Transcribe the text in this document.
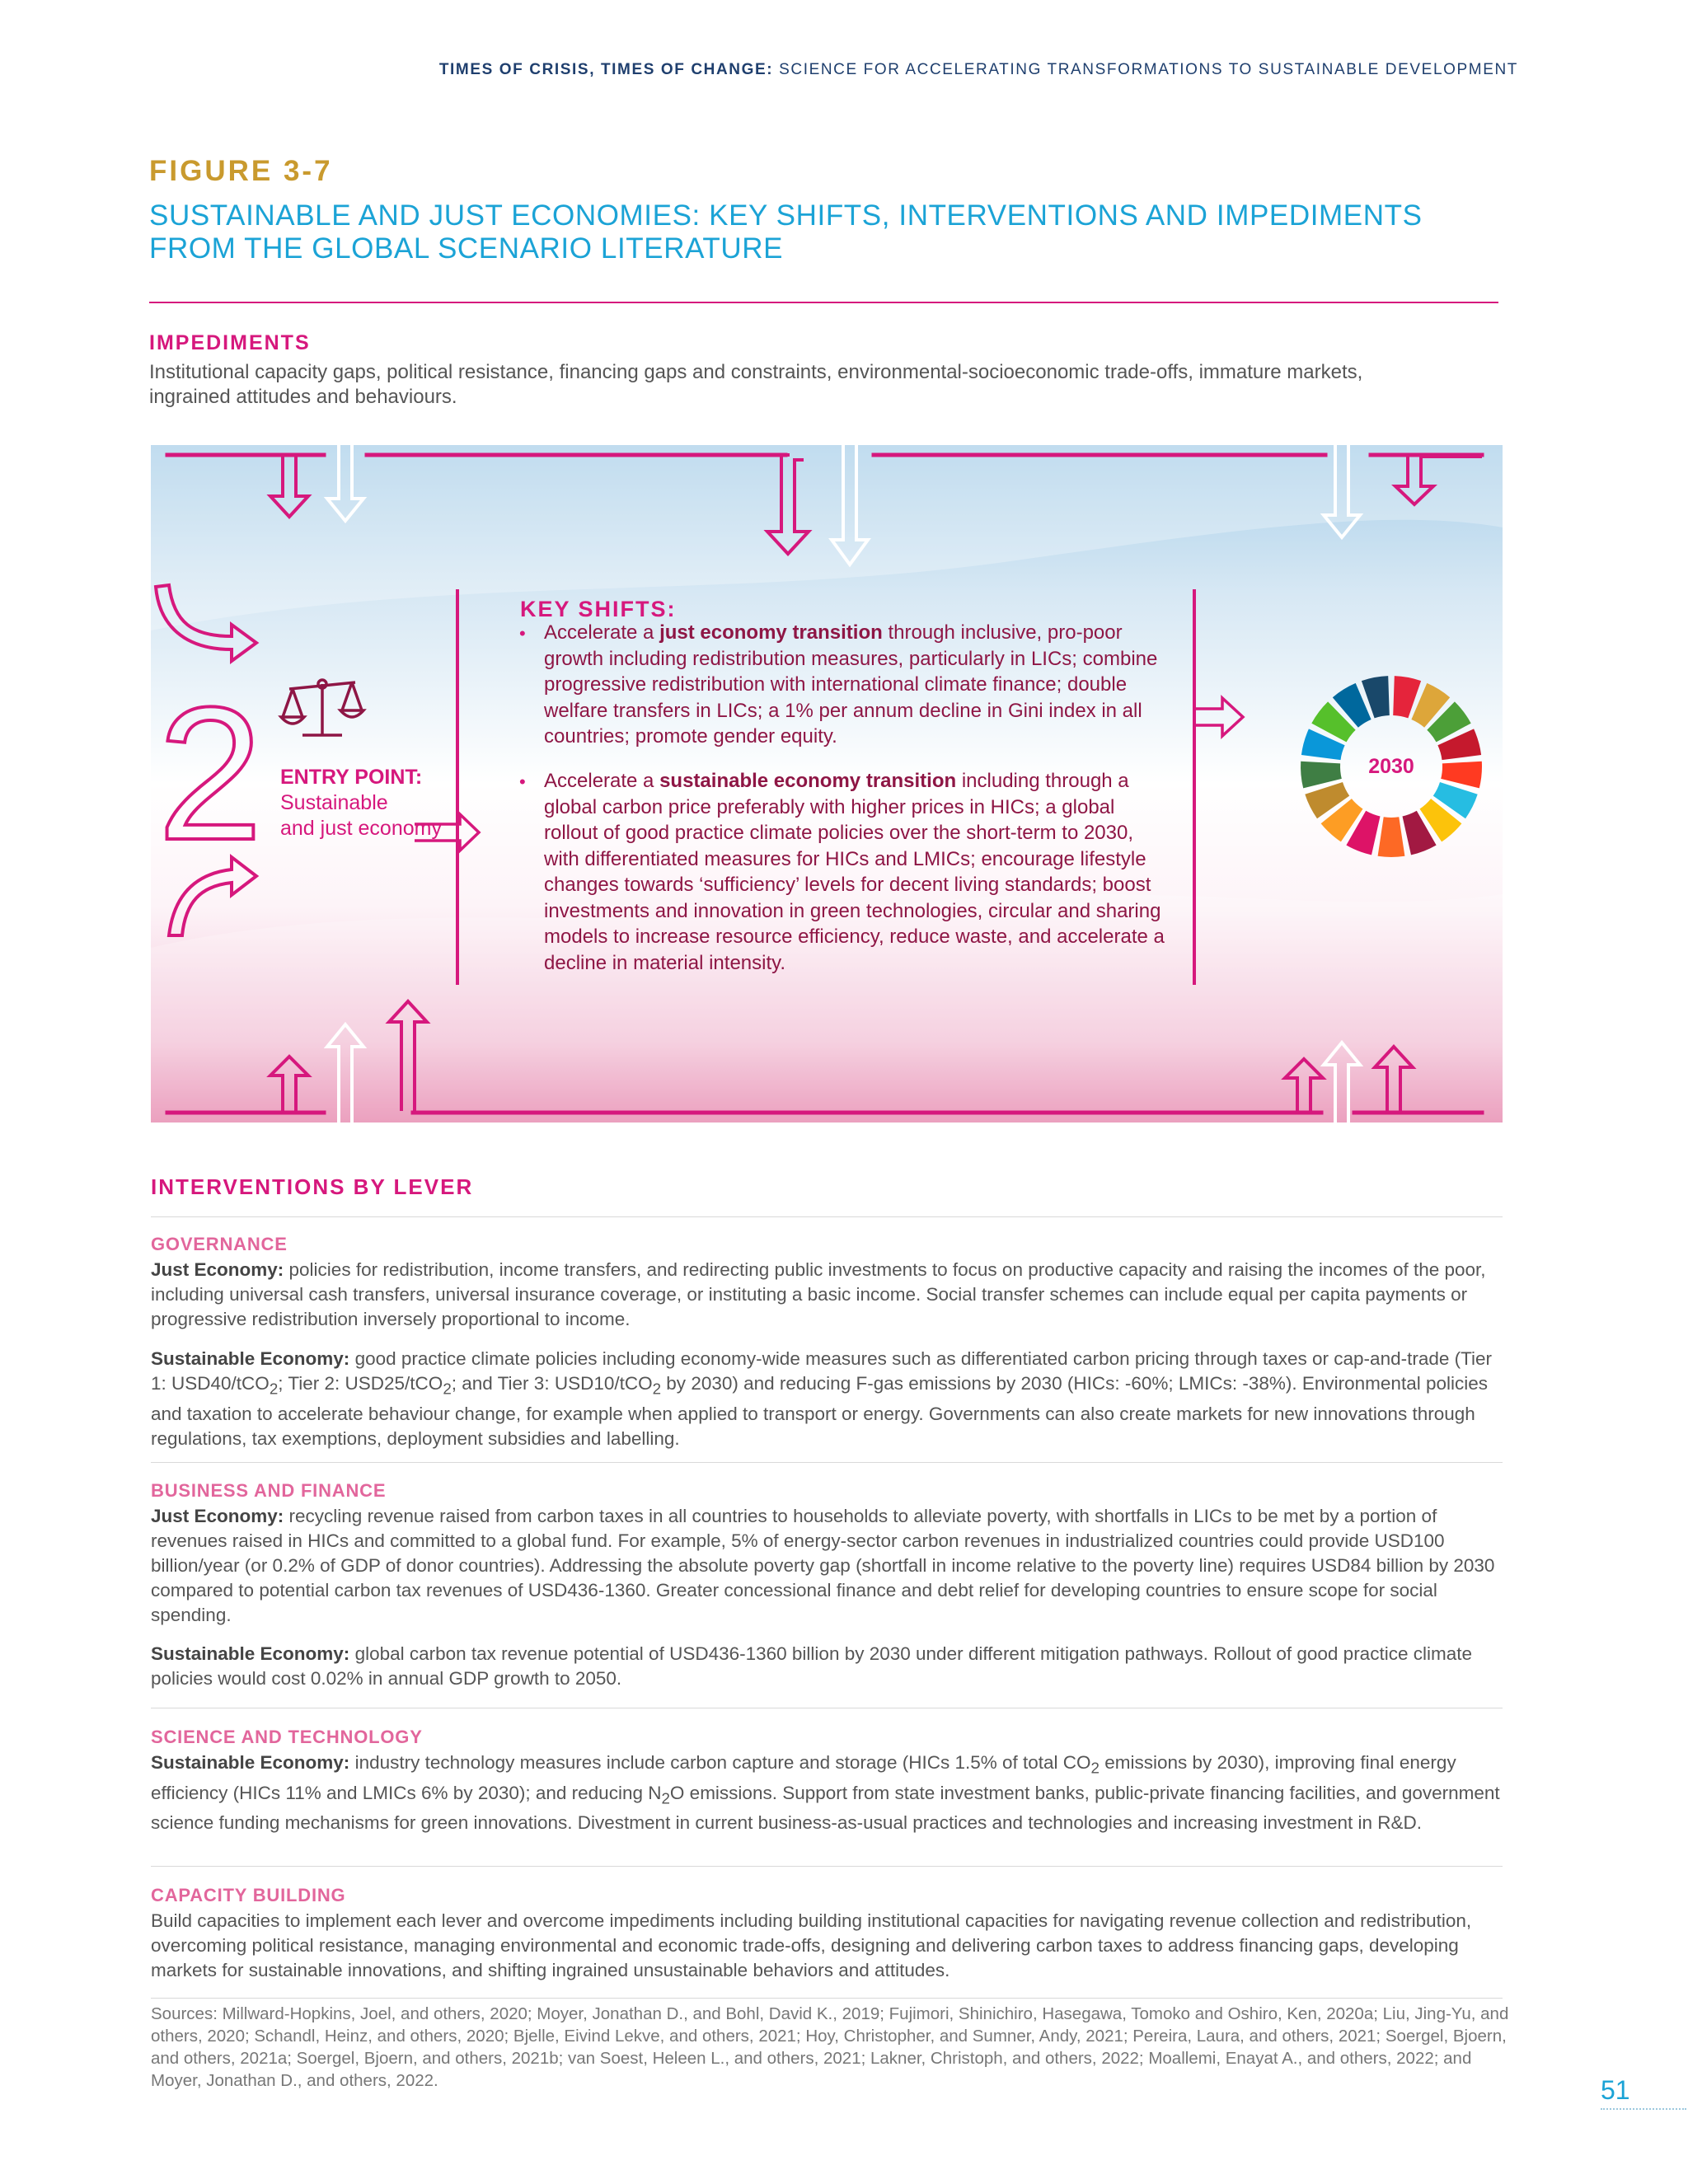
TIMES OF CRISIS, TIMES OF CHANGE: SCIENCE FOR ACCELERATING TRANSFORMATIONS TO SUSTAINABLE DEVELOPMENT
FIGURE 3-7
SUSTAINABLE AND JUST ECONOMIES: KEY SHIFTS, INTERVENTIONS AND IMPEDIMENTS
FROM THE GLOBAL SCENARIO LITERATURE
IMPEDIMENTS
Institutional capacity gaps, political resistance, financing gaps and constraints, environmental-socioeconomic trade-offs, immature markets,
ingrained attitudes and behaviours.
2	2030
ENTRY POINT:
Sustainable
and just economy
KEY SHIFTS:
• Accelerate a just economy transition through inclusive, pro-poor growth including redistribution measures, particularly in LICs; combine progressive redistribution with international climate finance; double welfare transfers in LICs; a 1% per annum decline in Gini index in all countries; promote gender equity.
• Accelerate a sustainable economy transition including through a global carbon price preferably with higher prices in HICs; a global rollout of good practice climate policies over the short-term to 2030, with differentiated measures for HICs and LMICs; encourage lifestyle changes towards ‘sufficiency’ levels for decent living standards; boost investments and innovation in green technologies, circular and sharing models to increase resource efficiency, reduce waste, and accelerate a decline in material intensity.
INTERVENTIONS BY LEVER
GOVERNANCE
Just Economy: policies for redistribution, income transfers, and redirecting public investments to focus on productive capacity and raising the incomes of the poor, including universal cash transfers, universal insurance coverage, or instituting a basic income. Social transfer schemes can include equal per capita payments or progressive redistribution inversely proportional to income.
Sustainable Economy: good practice climate policies including economy-wide measures such as differentiated carbon pricing through taxes or cap-and-trade (Tier 1: USD40/tCO$_2$; Tier 2: USD25/tCO$_2$; and Tier 3: USD10/tCO$_2$ by 2030) and reducing F-gas emissions by 2030 (HICs: -60%; LMICs: -38%). Environmental policies and taxation to accelerate behaviour change, for example when applied to transport or energy. Governments can also create markets for new innovations through regulations, tax exemptions, deployment subsidies and labelling.
BUSINESS AND FINANCE
Just Economy: recycling revenue raised from carbon taxes in all countries to households to alleviate poverty, with shortfalls in LICs to be met by a portion of revenues raised in HICs and committed to a global fund. For example, 5% of energy-sector carbon revenues in industrialized countries could provide USD100 billion/year (or 0.2% of GDP of donor countries). Addressing the absolute poverty gap (shortfall in income relative to the poverty line) requires USD84 billion by 2030 compared to potential carbon tax revenues of USD436-1360. Greater concessional finance and debt relief for developing countries to ensure scope for social spending.
Sustainable Economy: global carbon tax revenue potential of USD436-1360 billion by 2030 under different mitigation pathways. Rollout of good practice climate policies would cost 0.02% in annual GDP growth to 2050.
SCIENCE AND TECHNOLOGY
Sustainable Economy: industry technology measures include carbon capture and storage (HICs 1.5% of total $CO_2$ emissions by 2030), improving final energy efficiency (HICs 11% and LMICs 6% by 2030); and reducing $N_2O$ emissions. Support from state investment banks, public-private financing facilities, and government science funding mechanisms for green innovations. Divestment in current business-as-usual practices and technologies and increasing investment in R&D.
CAPACITY BUILDING
Build capacities to implement each lever and overcome impediments including building institutional capacities for navigating revenue collection and redistribution, overcoming political resistance, managing environmental and economic trade-offs, designing and delivering carbon taxes to address financing gaps, developing markets for sustainable innovations, and shifting ingrained unsustainable behaviors and attitudes.
Sources: Millward-Hopkins, Joel, and others, 2020; Moyer, Jonathan D., and Bohl, David K., 2019; Fujimori, Shinichiro, Hasegawa, Tomoko and Oshiro, Ken, 2020a; Liu, Jing-Yu, and others, 2020; Schandl, Heinz, and others, 2020; Bjelle, Eivind Lekve, and others, 2021; Hoy, Christopher, and Sumner, Andy, 2021; Pereira, Laura, and others, 2021; Soergel, Bjoern, and others, 2021a; Soergel, Bjoern, and others, 2021b; van Soest, Heleen L., and others, 2021; Lakner, Christoph, and others, 2022; Moallemi, Enayat A., and others, 2022; and Moyer, Jonathan D., and others, 2022.	51
